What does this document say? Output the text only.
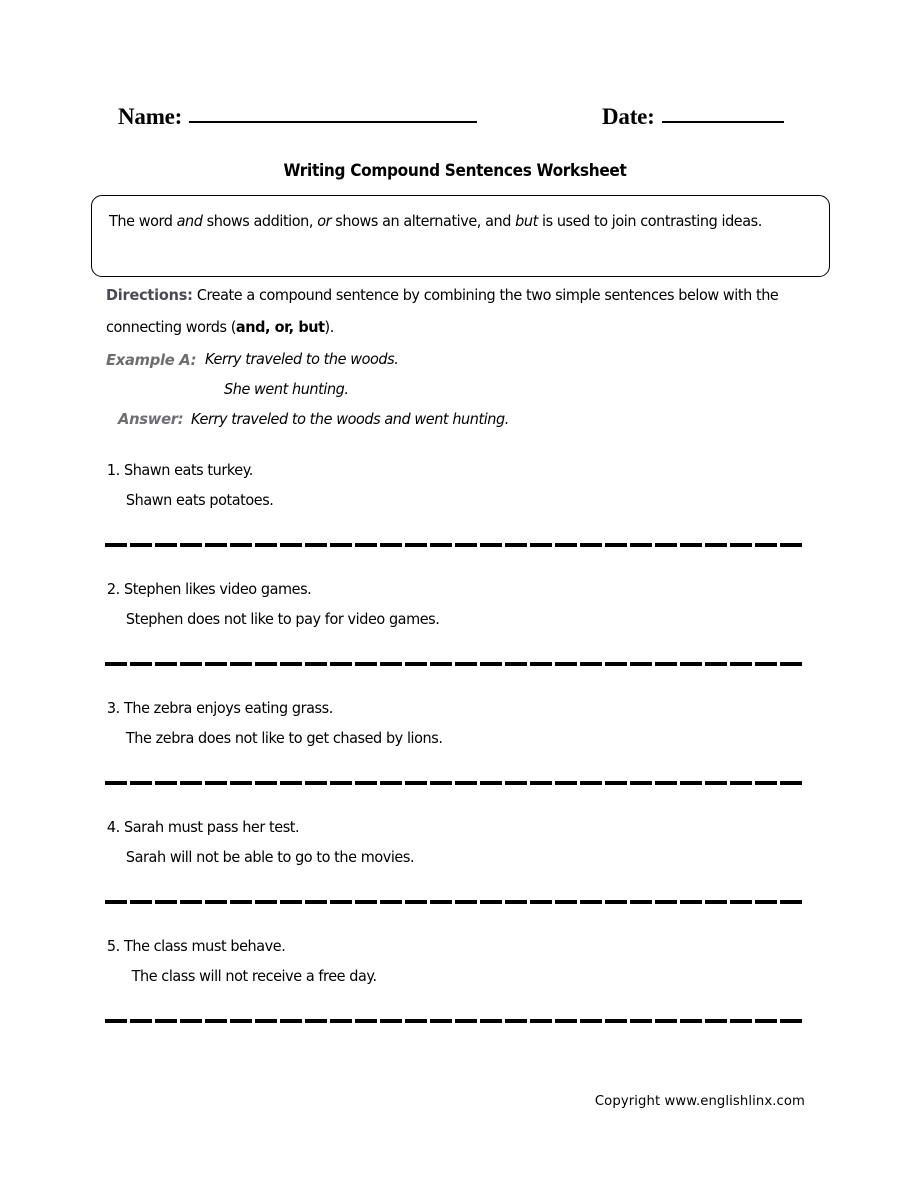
Name:	Date:
Writing Compound Sentences Worksheet
The word and shows addition, or shows an alternative, and but is used to join contrasting ideas.
Directions: Create a compound sentence by combining the two simple sentences below with the connecting words (and, or, but).
Example A: Kerry traveled to the woods.
She went hunting.
Answer: Kerry traveled to the woods and went hunting.
1. Shawn eats turkey.
Shawn eats potatoes.
2. Stephen likes video games.
Stephen does not like to pay for video games.
3. The zebra enjoys eating grass.
The zebra does not like to get chased by lions.
4. Sarah must pass her test.
Sarah will not be able to go to the movies.
5. The class must behave.
The class will not receive a free day.
Copyright www.englishlinx.com
